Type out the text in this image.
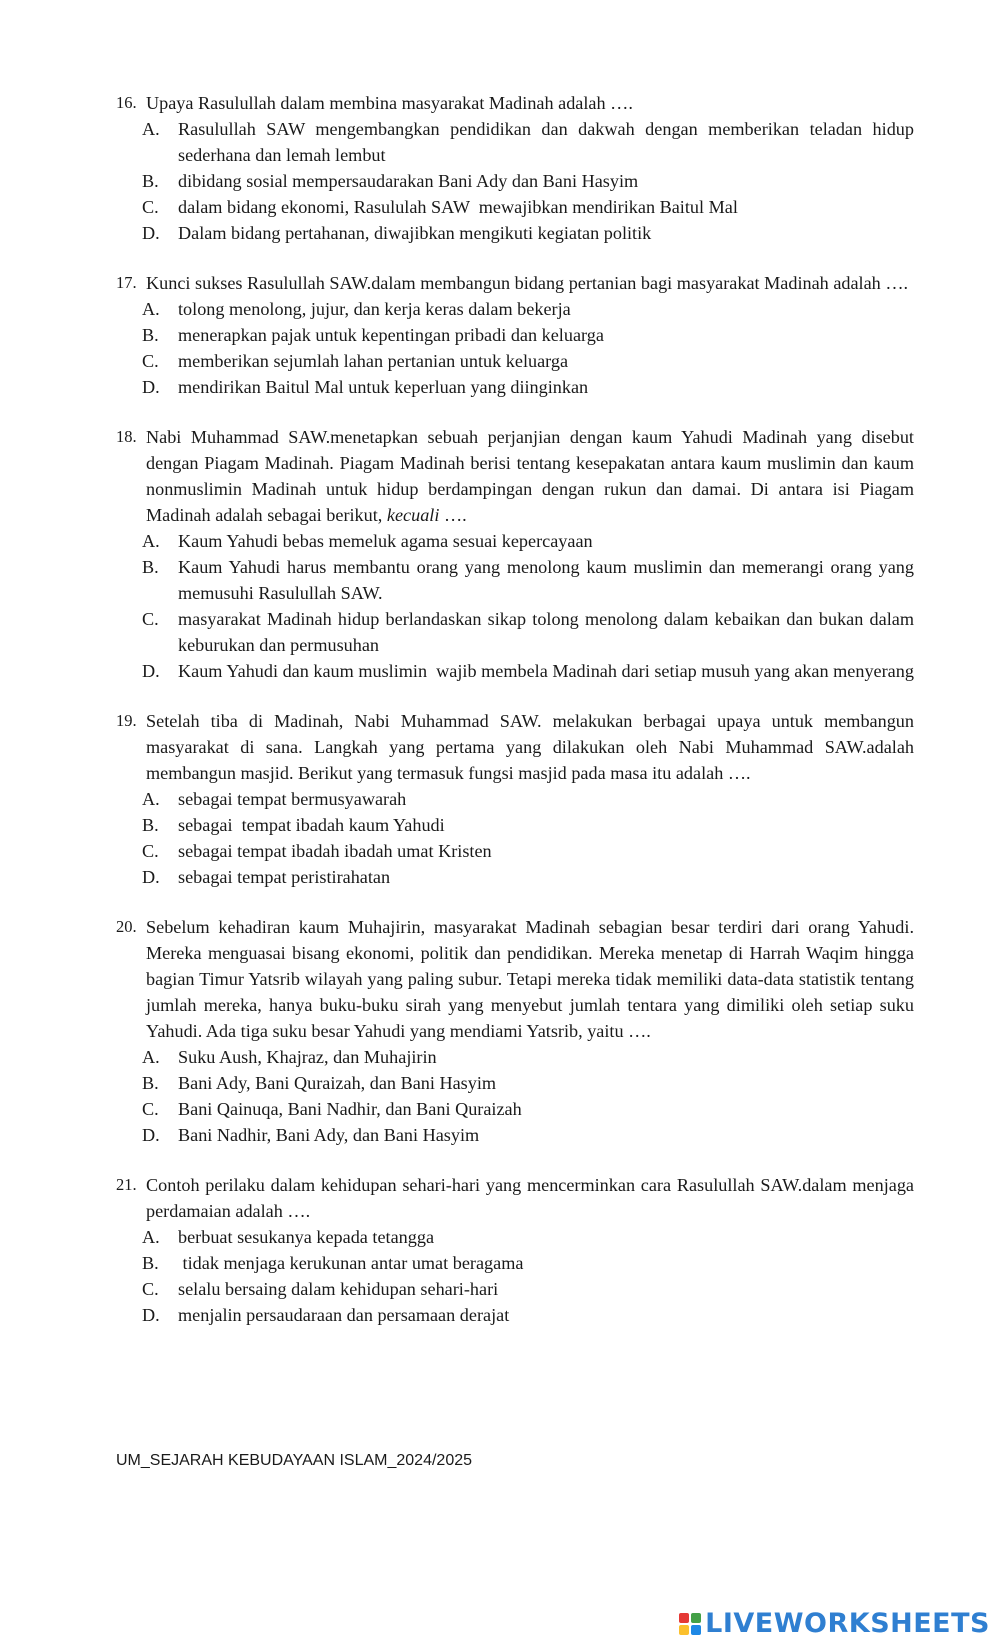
16. Upaya Rasulullah dalam membina masyarakat Madinah adalah ….
A. Rasulullah SAW mengembangkan pendidikan dan dakwah dengan memberikan teladan hidup sederhana dan lemah lembut
B. dibidang sosial mempersaudarakan Bani Ady dan Bani Hasyim
C. dalam bidang ekonomi, Rasululah SAW  mewajibkan mendirikan Baitul Mal
D. Dalam bidang pertahanan, diwajibkan mengikuti kegiatan politik
17. Kunci sukses Rasulullah SAW.dalam membangun bidang pertanian bagi masyarakat Madinah adalah ….
A. tolong menolong, jujur, dan kerja keras dalam bekerja
B. menerapkan pajak untuk kepentingan pribadi dan keluarga
C. memberikan sejumlah lahan pertanian untuk keluarga
D. mendirikan Baitul Mal untuk keperluan yang diinginkan
18. Nabi Muhammad SAW.menetapkan sebuah perjanjian dengan kaum Yahudi Madinah yang disebut dengan Piagam Madinah. Piagam Madinah berisi tentang kesepakatan antara kaum muslimin dan kaum nonmuslimin Madinah untuk hidup berdampingan dengan rukun dan damai. Di antara isi Piagam Madinah adalah sebagai berikut, kecuali ….
A. Kaum Yahudi bebas memeluk agama sesuai kepercayaan
B. Kaum Yahudi harus membantu orang yang menolong kaum muslimin dan memerangi orang yang memusuhi Rasulullah SAW.
C. masyarakat Madinah hidup berlandaskan sikap tolong menolong dalam kebaikan dan bukan dalam keburukan dan permusuhan
D. Kaum Yahudi dan kaum muslimin  wajib membela Madinah dari setiap musuh yang akan menyerang
19. Setelah tiba di Madinah, Nabi Muhammad SAW. melakukan berbagai upaya untuk membangun masyarakat di sana. Langkah yang pertama yang dilakukan oleh Nabi Muhammad SAW.adalah membangun masjid. Berikut yang termasuk fungsi masjid pada masa itu adalah ….
A. sebagai tempat bermusyawarah
B. sebagai  tempat ibadah kaum Yahudi
C. sebagai tempat ibadah ibadah umat Kristen
D. sebagai tempat peristirahatan
20. Sebelum kehadiran kaum Muhajirin, masyarakat Madinah sebagian besar terdiri dari orang Yahudi. Mereka menguasai bisang ekonomi, politik dan pendidikan. Mereka menetap di Harrah Waqim hingga bagian Timur Yatsrib wilayah yang paling subur. Tetapi mereka tidak memiliki data-data statistik tentang jumlah mereka, hanya buku-buku sirah yang menyebut jumlah tentara yang dimiliki oleh setiap suku Yahudi. Ada tiga suku besar Yahudi yang mendiami Yatsrib, yaitu ….
A. Suku Aush, Khajraz, dan Muhajirin
B. Bani Ady, Bani Quraizah, dan Bani Hasyim
C. Bani Qainuqa, Bani Nadhir, dan Bani Quraizah
D. Bani Nadhir, Bani Ady, dan Bani Hasyim
21. Contoh perilaku dalam kehidupan sehari-hari yang mencerminkan cara Rasulullah SAW.dalam menjaga perdamaian adalah ….
A. berbuat sesukanya kepada tetangga
B. tidak menjaga kerukunan antar umat beragama
C. selalu bersaing dalam kehidupan sehari-hari
D. menjalin persaudaraan dan persamaan derajat
UM_SEJARAH KEBUDAYAAN ISLAM_2024/2025
LIVEWORKSHEETS
